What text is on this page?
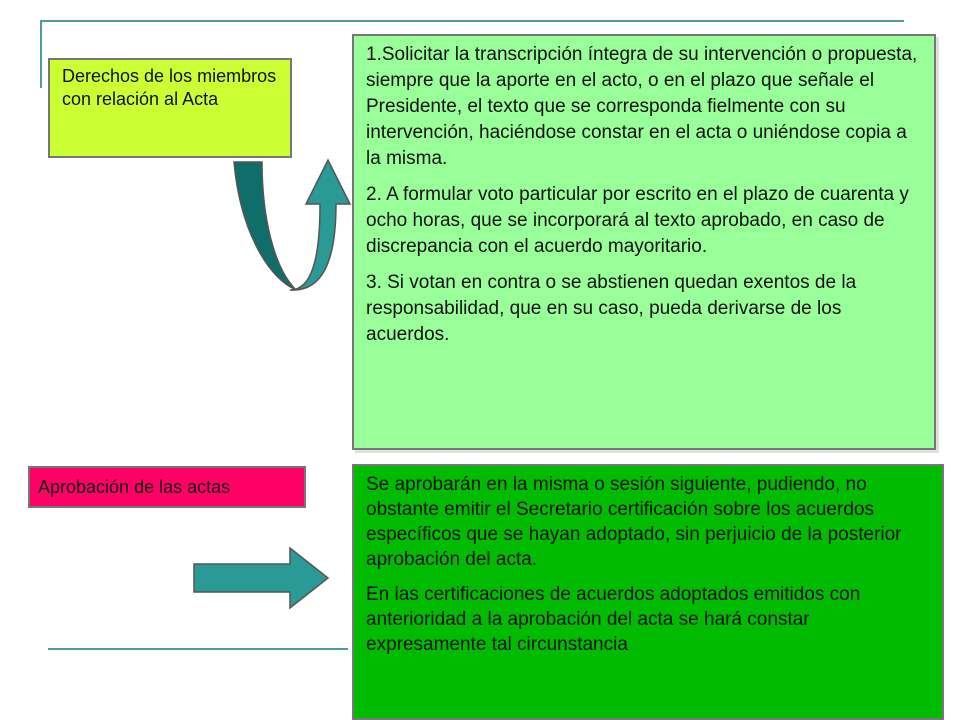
Derechos de los miembros con relación al Acta

1.Solicitar la transcripción íntegra de su intervención o propuesta, siempre que la aporte en el acto, o en el plazo que señale el Presidente, el texto que se corresponda fielmente con su intervención, haciéndose constar en el acta o uniéndose copia a la misma.

2. A formular voto particular por escrito en el plazo de cuarenta y ocho horas, que se incorporará al texto aprobado, en caso de discrepancia con el acuerdo mayoritario.

3. Si votan en contra o se abstienen quedan exentos de la responsabilidad, que en su caso, pueda derivarse de los acuerdos.

Aprobación de las actas	Se aprobarán en la misma o sesión siguiente, pudiendo, no obstante emitir el Secretario certificación sobre los acuerdos específicos que se hayan adoptado, sin perjuicio de la posterior aprobación del acta.

En las certificaciones de acuerdos adoptados emitidos con anterioridad a la aprobación del acta se hará constar expresamente tal circunstancia
